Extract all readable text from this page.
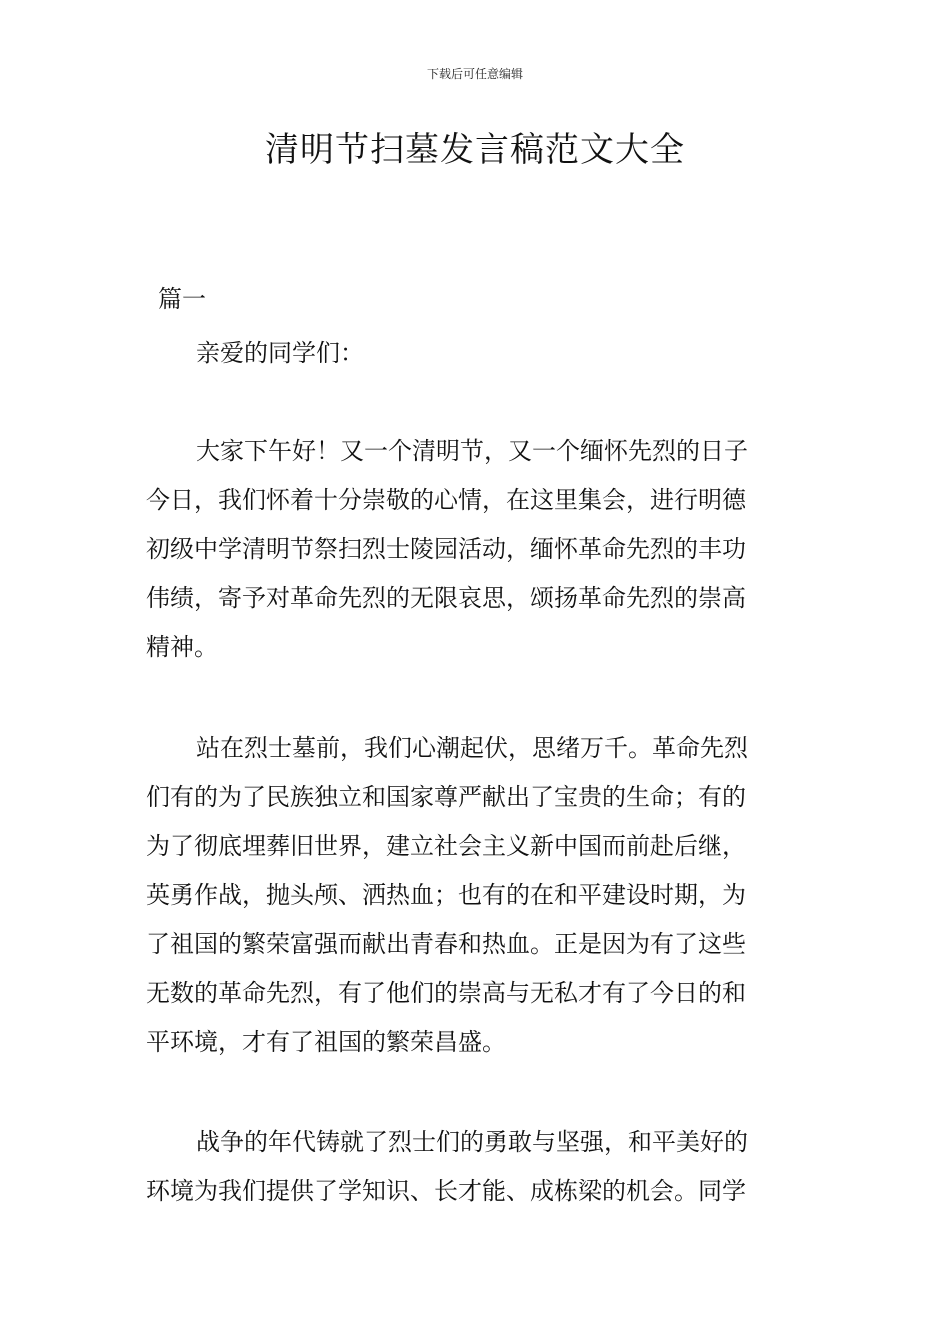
下载后可任意编辑
清明节扫墓发言稿范文大全
篇一
亲爱的同学们：
大家下午好！又一个清明节，又一个缅怀先烈的日子
今日，我们怀着十分崇敬的心情，在这里集会，进行明德
初级中学清明节祭扫烈士陵园活动，缅怀革命先烈的丰功
伟绩，寄予对革命先烈的无限哀思，颂扬革命先烈的崇高
精神。
站在烈士墓前，我们心潮起伏，思绪万千。革命先烈
们有的为了民族独立和国家尊严献出了宝贵的生命；有的
为了彻底埋葬旧世界，建立社会主义新中国而前赴后继，
英勇作战，抛头颅、洒热血；也有的在和平建设时期，为
了祖国的繁荣富强而献出青春和热血。正是因为有了这些
无数的革命先烈，有了他们的崇高与无私才有了今日的和
平环境，才有了祖国的繁荣昌盛。
战争的年代铸就了烈士们的勇敢与坚强，和平美好的
环境为我们提供了学知识、长才能、成栋梁的机会。同学
